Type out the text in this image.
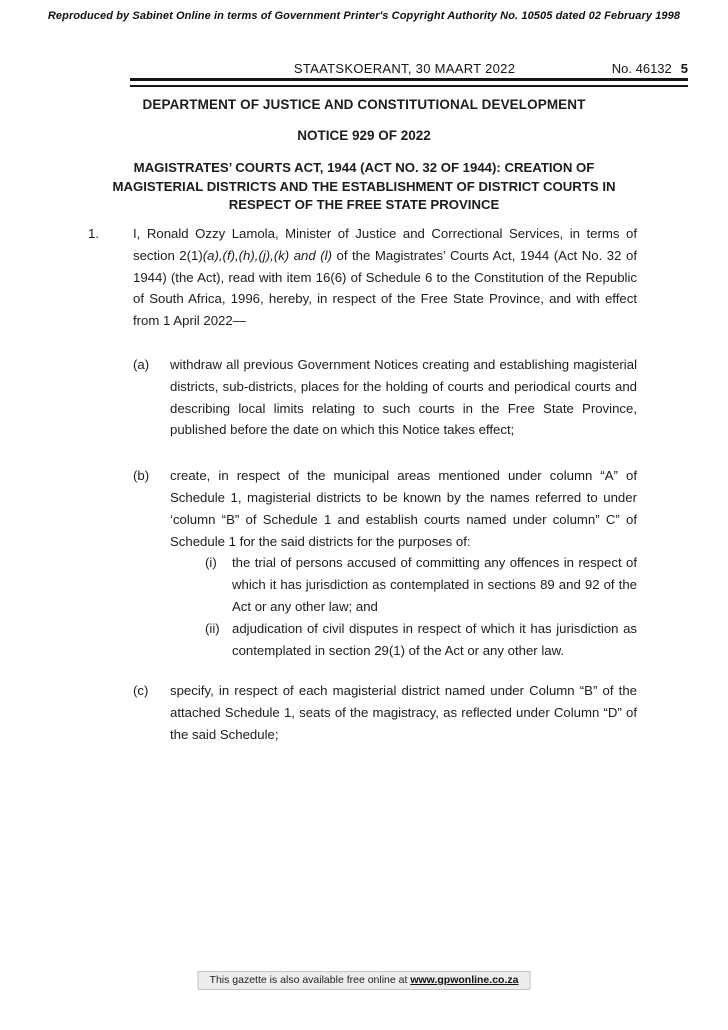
Reproduced by Sabinet Online in terms of Government Printer's Copyright Authority No. 10505 dated 02 February 1998
STAATSKOERANT, 30 MAART 2022	No. 46132 5
DEPARTMENT OF JUSTICE AND CONSTITUTIONAL DEVELOPMENT
NOTICE 929 OF 2022
MAGISTRATES’ COURTS ACT, 1944 (ACT NO. 32 OF 1944): CREATION OF
MAGISTERIAL DISTRICTS AND THE ESTABLISHMENT OF DISTRICT COURTS IN
RESPECT OF THE FREE STATE PROVINCE
1.	I, Ronald Ozzy Lamola, Minister of Justice and Correctional Services, in terms of section 2(1)(a),(f),(h),(j),(k) and (l) of the Magistrates’ Courts Act, 1944 (Act No. 32 of 1944) (the Act), read with item 16(6) of Schedule 6 to the Constitution of the Republic of South Africa, 1996, hereby, in respect of the Free State Province, and with effect from 1 April 2022—
(a)	withdraw all previous Government Notices creating and establishing magisterial districts, sub-districts, places for the holding of courts and periodical courts and describing local limits relating to such courts in the Free State Province, published before the date on which this Notice takes effect;
(b)	create, in respect of the municipal areas mentioned under column “A” of Schedule 1, magisterial districts to be known by the names referred to under ‘column “B” of Schedule 1 and establish courts named under column” C” of Schedule 1 for the said districts for the purposes of:
(i)	the trial of persons accused of committing any offences in respect of which it has jurisdiction as contemplated in sections 89 and 92 of the Act or any other law; and
(ii) adjudication of civil disputes in respect of which it has jurisdiction as contemplated in section 29(1) of the Act or any other law.
(c)	specify, in respect of each magisterial district named under Column “B” of the attached Schedule 1, seats of the magistracy, as reflected under Column “D” of the said Schedule;
This gazette is also available free online at www.gpwonline.co.za
